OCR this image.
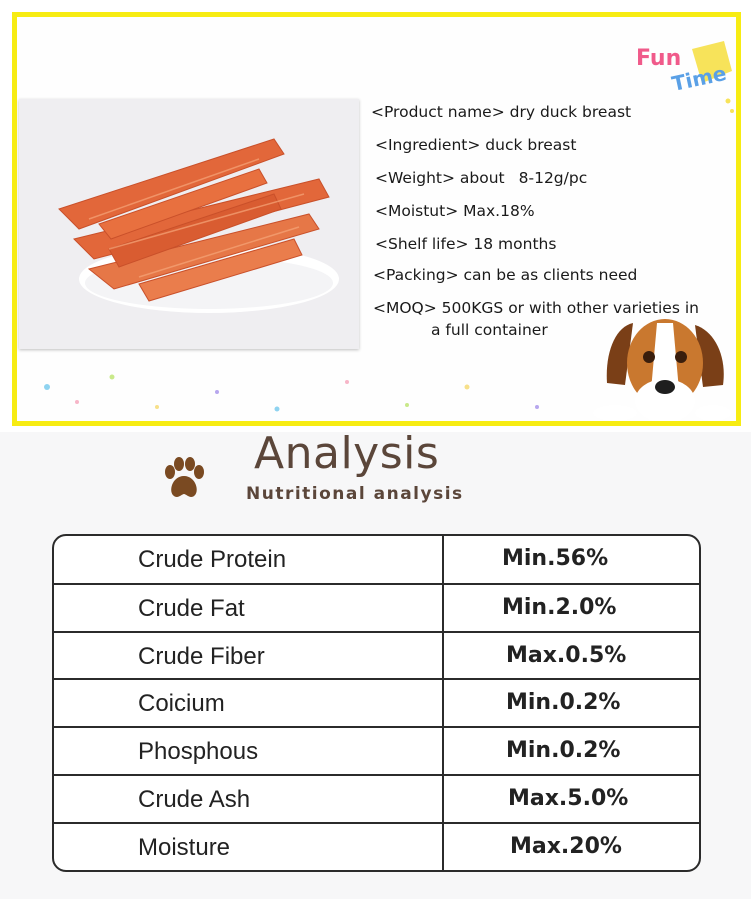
<Product name> dry duck breast
<Ingredient> duck breast
<Weight> about 8-12g/pc
<Moistut> Max.18%
<Shelf life> 18 months
<Packing> can be as clients need
<MOQ> 500KGS or with other varieties in
a full container
Fun
Time
Analysis
Nutritional analysis
Crude Protein	Min.56%
Crude Fat	Min.2.0%
Crude Fiber	Max.0.5%
Coicium	Min.0.2%
Phosphous	Min.0.2%
Crude Ash	Max.5.0%
Moisture	Max.20%
